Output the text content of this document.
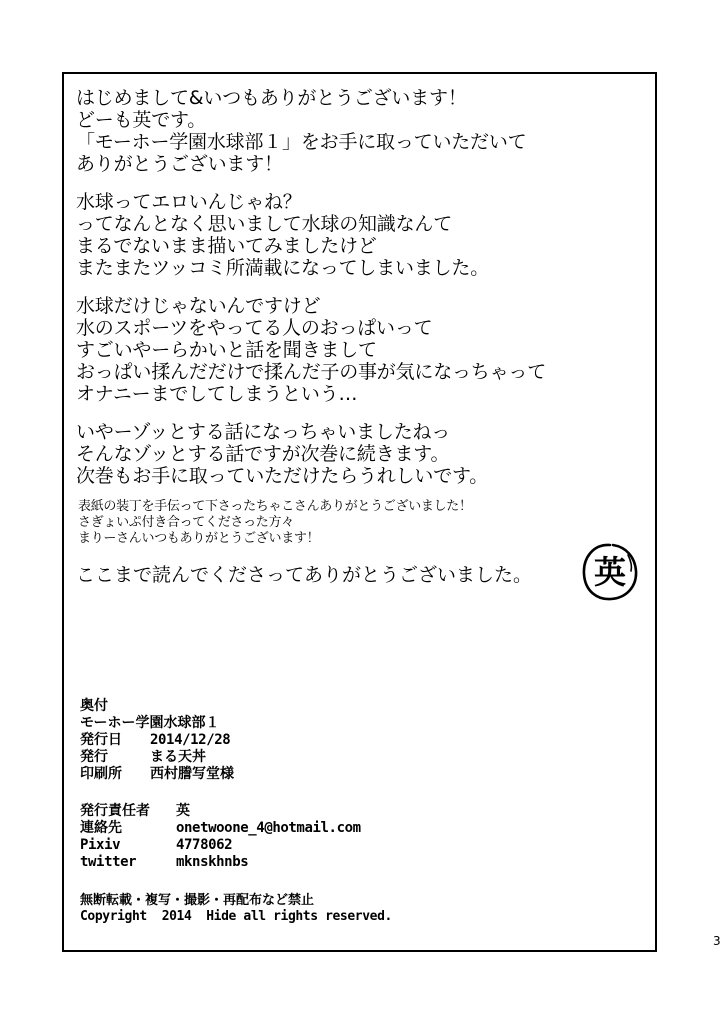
はじめまして&いつもありがとうございます！
どーも英です。
「モーホー学園水球部１」をお手に取っていただいて
ありがとうございます！
水球ってエロいんじゃね？
ってなんとなく思いまして水球の知識なんて
まるでないまま描いてみましたけど
またまたツッコミ所満載になってしまいました。
水球だけじゃないんですけど
水のスポーツをやってる人のおっぱいって
すごいやーらかいと話を聞きまして
おっぱい揉んだだけで揉んだ子の事が気になっちゃって
オナニーまでしてしまうという…
いやーゾッとする話になっちゃいましたねっ
そんなゾッとする話ですが次巻に続きます。
次巻もお手に取っていただけたらうれしいです。
表紙の装丁を手伝って下さったちゃこさんありがとうございました！
さぎょいぷ付き合ってくださった方々
まりーさんいつもありがとうございます！
ここまで読んでくださってありがとうございました。 英
奥付
モーホー学園水球部１
発行日	2014/12/28
発行	まる天丼
印刷所	西村謄写堂様
発行責任者	英
連絡先	onetwoone_4@hotmail.com
Pixiv	4778062
twitter	mknskhnbs
無断転載・複写・撮影・再配布など禁止
Copyright  2014  Hide all rights reserved.
3
